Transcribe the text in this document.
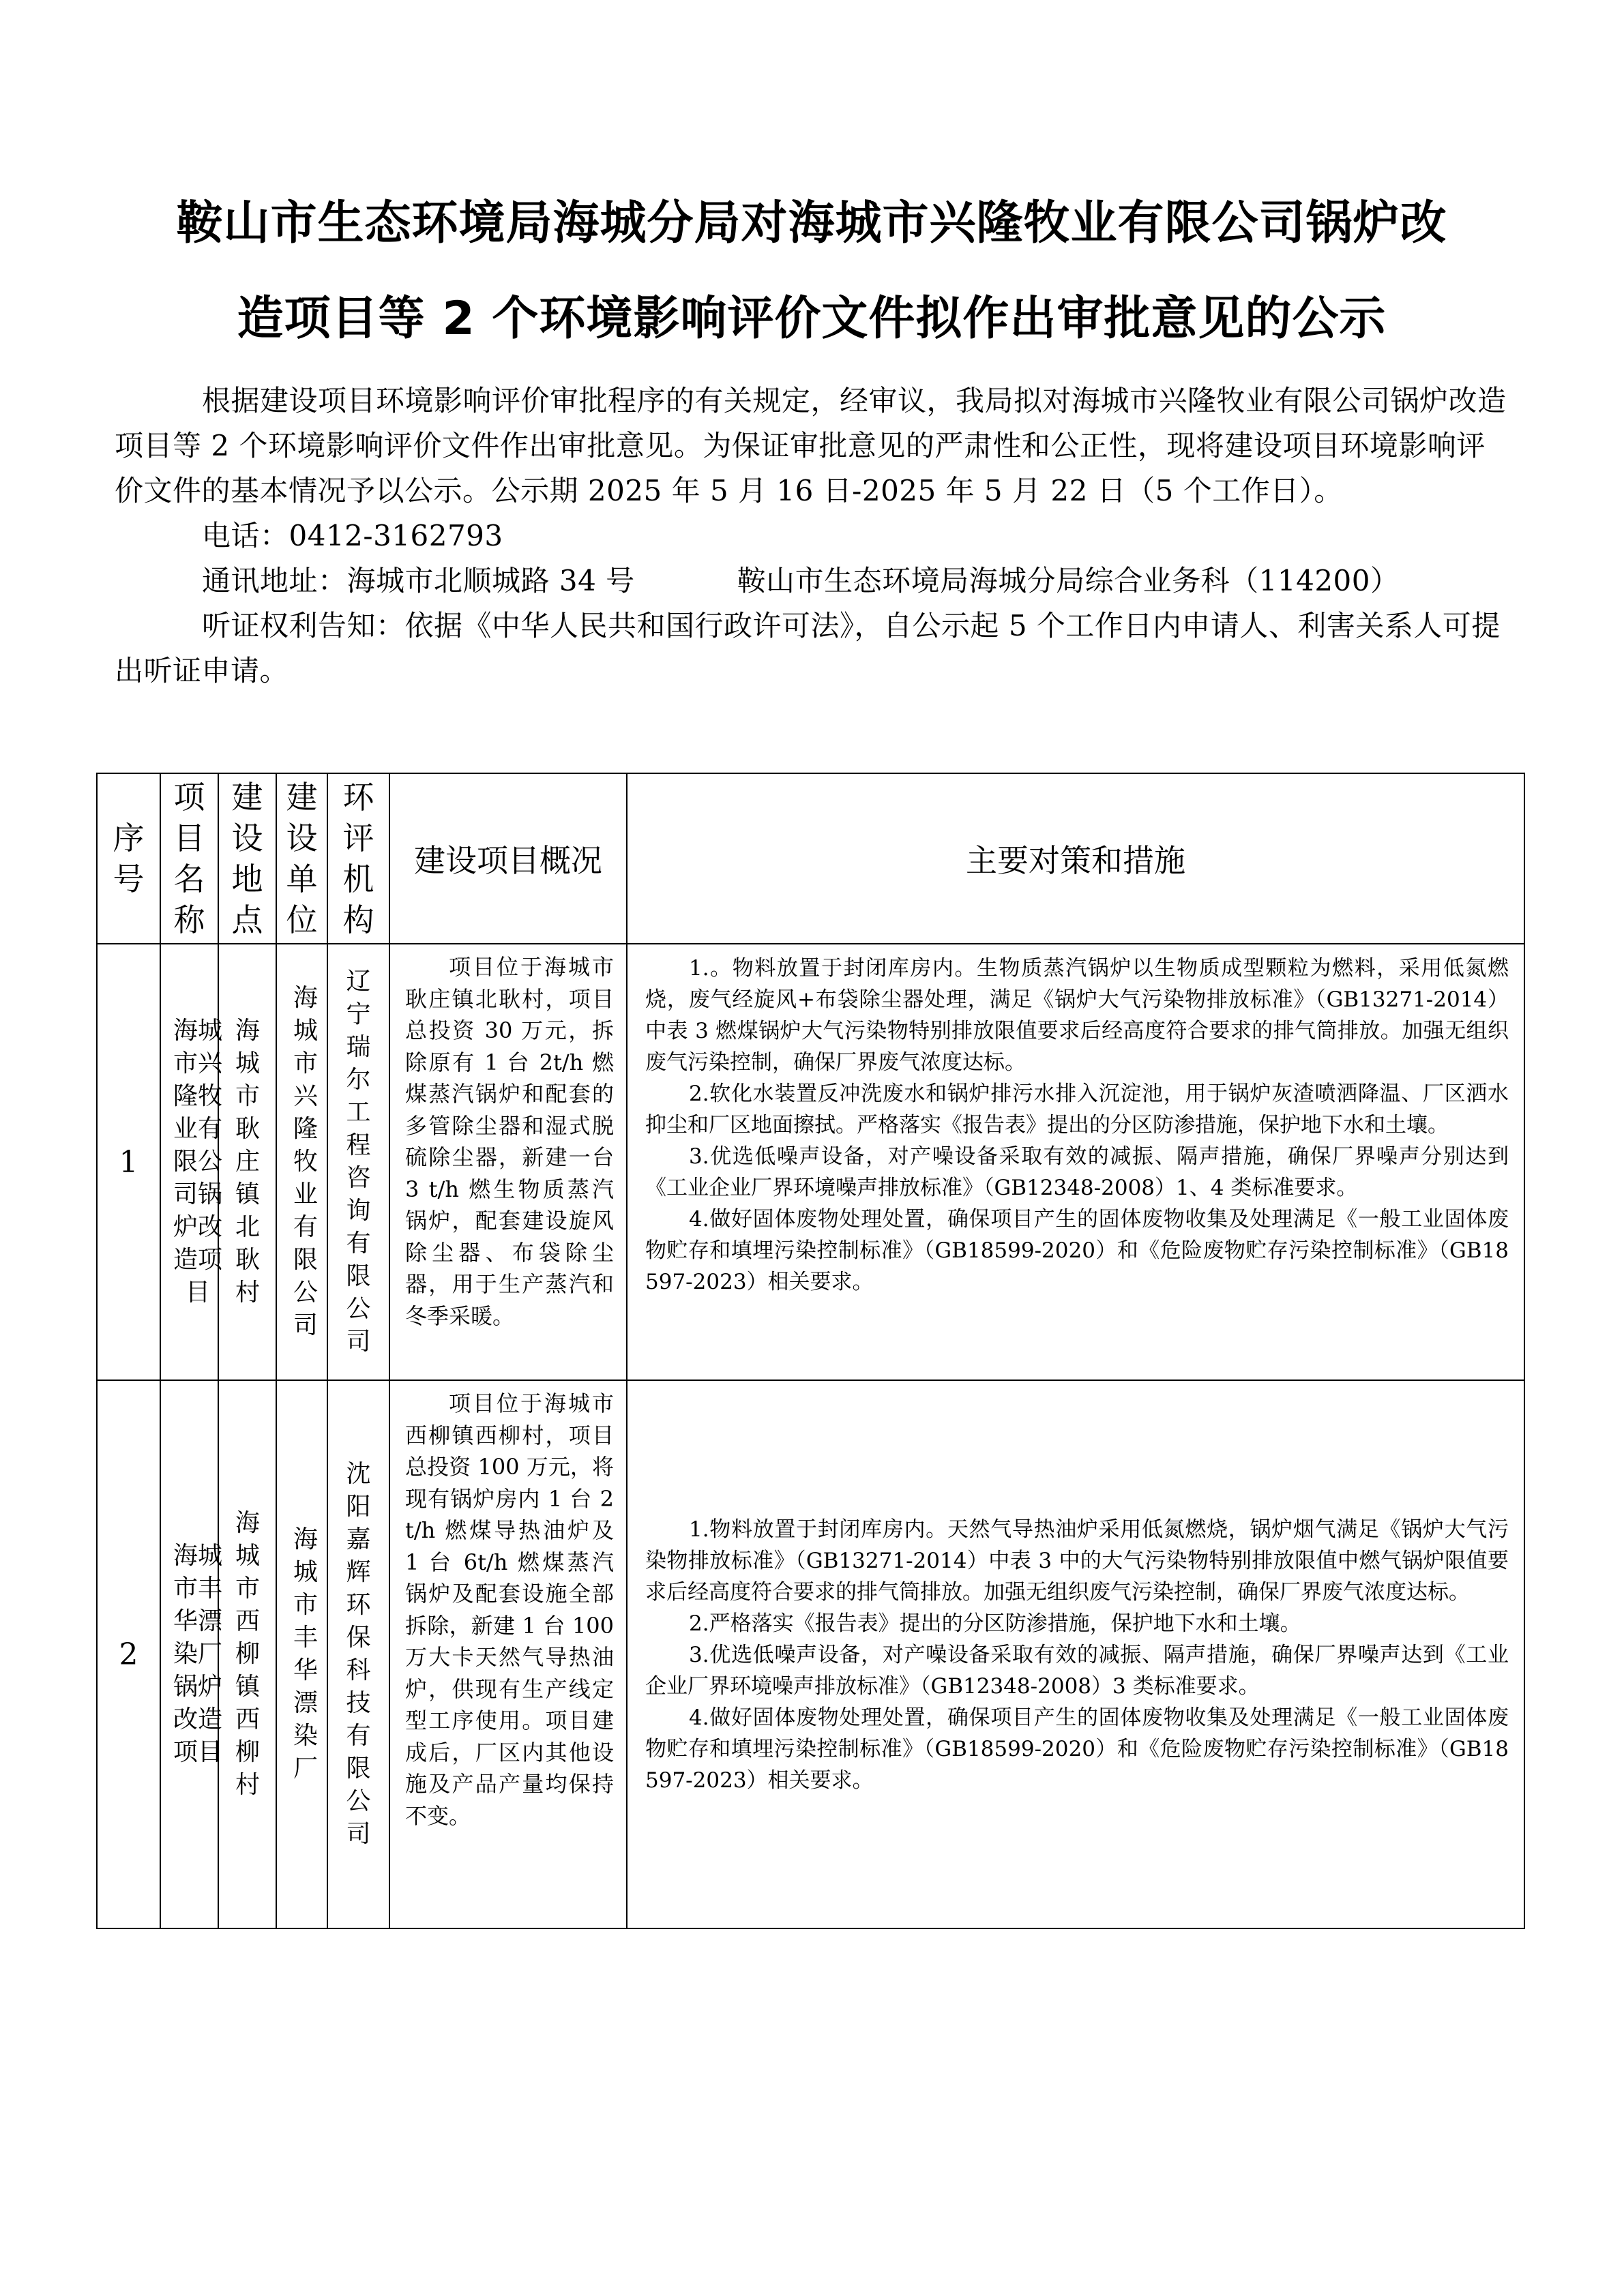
鞍山市生态环境局海城分局对海城市兴隆牧业有限公司锅炉改
造项目等 2 个环境影响评价文件拟作出审批意见的公示

根据建设项目环境影响评价审批程序的有关规定，经审议，我局拟对海城市兴隆牧业有限公司锅炉改造项目等 2 个环境影响评价文件作出审批意见。为保证审批意见的严肃性和公正性，现将建设项目环境影响评价文件的基本情况予以公示。公示期 2025 年 5 月 16 日-2025 年 5 月 22 日（5 个工作日）。

电话：0412-3162793

通讯地址：海城市北顺城路 34 号	鞍山市生态环境局海城分局综合业务科（114200）

听证权利告知：依据《中华人民共和国行政许可法》，自公示起 5 个工作日内申请人、利害关系人可提出听证申请。

序号	项目名称	建设地点	建设单位	环评机构	建设项目概况	主要对策和措施
1	海城市兴隆牧业有限公司锅炉改造项目	海城市耿庄镇北耿村	海城市兴隆牧业有限公司	辽宁瑞尔工程咨询有限公司	项目位于海城市耿庄镇北耿村，项目总投资 30 万元，拆除原有 1 台 2t/h 燃煤蒸汽锅炉和配套的多管除尘器和湿式脱硫除尘器，新建一台 3 t/h 燃生物质蒸汽锅炉，配套建设旋风除尘器、布袋除尘器，用于生产蒸汽和冬季采暖。	1.。物料放置于封闭库房内。生物质蒸汽锅炉以生物质成型颗粒为燃料，采用低氮燃烧，废气经旋风+布袋除尘器处理，满足《锅炉大气污染物排放标准》（GB13271-2014）中表 3 燃煤锅炉大气污染物特别排放限值要求后经高度符合要求的排气筒排放。加强无组织废气污染控制，确保厂界废气浓度达标。

2.软化水装置反冲洗废水和锅炉排污水排入沉淀池，用于锅炉灰渣喷洒降温、厂区洒水抑尘和厂区地面擦拭。严格落实《报告表》提出的分区防渗措施，保护地下水和土壤。

3.优选低噪声设备，对产噪设备采取有效的减振、隔声措施，确保厂界噪声分别达到《工业企业厂界环境噪声排放标准》（GB12348-2008）1、4 类标准要求。

4.做好固体废物处理处置，确保项目产生的固体废物收集及处理满足《一般工业固体废物贮存和填埋污染控制标准》（GB18599-2020）和《危险废物贮存污染控制标准》（GB18597-2023）相关要求。

2	海城市丰华漂染厂锅炉改造项目	海城市西柳镇西柳村	海城市丰华漂染厂	沈阳嘉辉环保科技有限公司	项目位于海城市西柳镇西柳村，项目总投资 100 万元，将现有锅炉房内 1 台 2t/h 燃煤导热油炉及 1 台 6t/h 燃煤蒸汽锅炉及配套设施全部拆除，新建 1 台 100 万大卡天然气导热油炉，供现有生产线定型工序使用。项目建成后，厂区内其他设施及产品产量均保持不变。	1.物料放置于封闭库房内。天然气导热油炉采用低氮燃烧，锅炉烟气满足《锅炉大气污染物排放标准》（GB13271-2014）中表 3 中的大气污染物特别排放限值中燃气锅炉限值要求后经高度符合要求的排气筒排放。加强无组织废气污染控制，确保厂界废气浓度达标。

2.严格落实《报告表》提出的分区防渗措施，保护地下水和土壤。

3.优选低噪声设备，对产噪设备采取有效的减振、隔声措施，确保厂界噪声达到《工业企业厂界环境噪声排放标准》（GB12348-2008）3 类标准要求。

4.做好固体废物处理处置，确保项目产生的固体废物收集及处理满足《一般工业固体废物贮存和填埋污染控制标准》（GB18599-2020）和《危险废物贮存污染控制标准》（GB18597-2023）相关要求。
